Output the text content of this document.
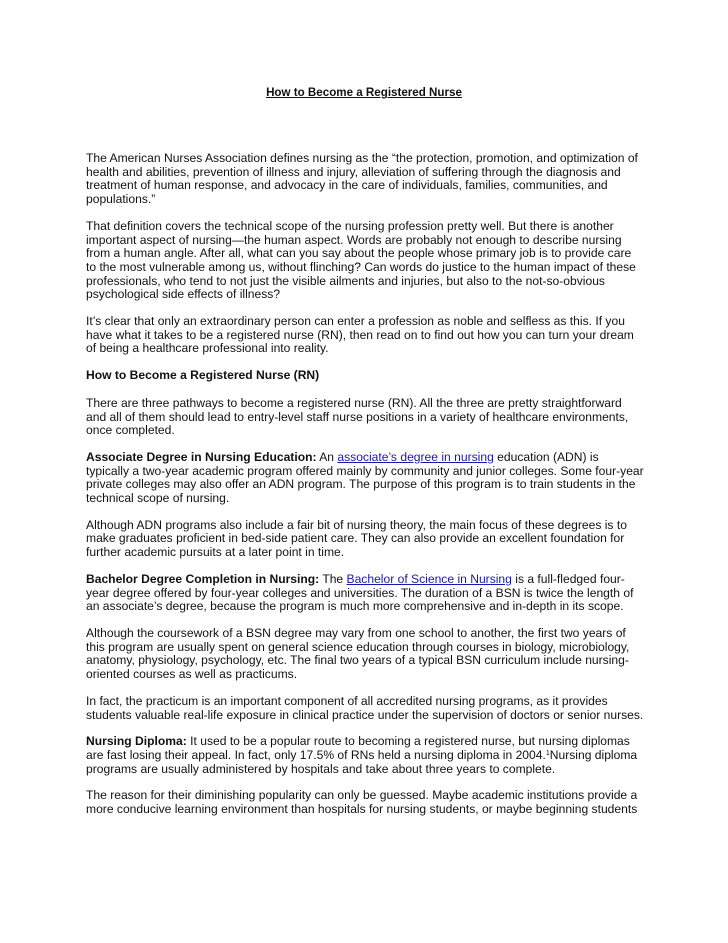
How to Become a Registered Nurse

The American Nurses Association defines nursing as the “the protection, promotion, and optimization of health and abilities, prevention of illness and injury, alleviation of suffering through the diagnosis and treatment of human response, and advocacy in the care of individuals, families, communities, and populations.”

That definition covers the technical scope of the nursing profession pretty well. But there is another important aspect of nursing—the human aspect. Words are probably not enough to describe nursing from a human angle. After all, what can you say about the people whose primary job is to provide care to the most vulnerable among us, without flinching? Can words do justice to the human impact of these professionals, who tend to not just the visible ailments and injuries, but also to the not-so-obvious psychological side effects of illness?

It’s clear that only an extraordinary person can enter a profession as noble and selfless as this. If you have what it takes to be a registered nurse (RN), then read on to find out how you can turn your dream of being a healthcare professional into reality.

How to Become a Registered Nurse (RN)

There are three pathways to become a registered nurse (RN). All the three are pretty straightforward and all of them should lead to entry-level staff nurse positions in a variety of healthcare environments, once completed.

Associate Degree in Nursing Education: An associate’s degree in nursing education (ADN) is typically a two-year academic program offered mainly by community and junior colleges. Some four-year private colleges may also offer an ADN program. The purpose of this program is to train students in the technical scope of nursing.

Although ADN programs also include a fair bit of nursing theory, the main focus of these degrees is to make graduates proficient in bed-side patient care. They can also provide an excellent foundation for further academic pursuits at a later point in time.

Bachelor Degree Completion in Nursing: The Bachelor of Science in Nursing is a full-fledged four-year degree offered by four-year colleges and universities. The duration of a BSN is twice the length of an associate’s degree, because the program is much more comprehensive and in-depth in its scope.

Although the coursework of a BSN degree may vary from one school to another, the first two years of this program are usually spent on general science education through courses in biology, microbiology, anatomy, physiology, psychology, etc. The final two years of a typical BSN curriculum include nursing-oriented courses as well as practicums.

In fact, the practicum is an important component of all accredited nursing programs, as it provides students valuable real-life exposure in clinical practice under the supervision of doctors or senior nurses.

Nursing Diploma: It used to be a popular route to becoming a registered nurse, but nursing diplomas are fast losing their appeal. In fact, only 17.5% of RNs held a nursing diploma in 2004.$^1$Nursing diploma programs are usually administered by hospitals and take about three years to complete.

The reason for their diminishing popularity can only be guessed. Maybe academic institutions provide a more conducive learning environment than hospitals for nursing students, or maybe beginning students
